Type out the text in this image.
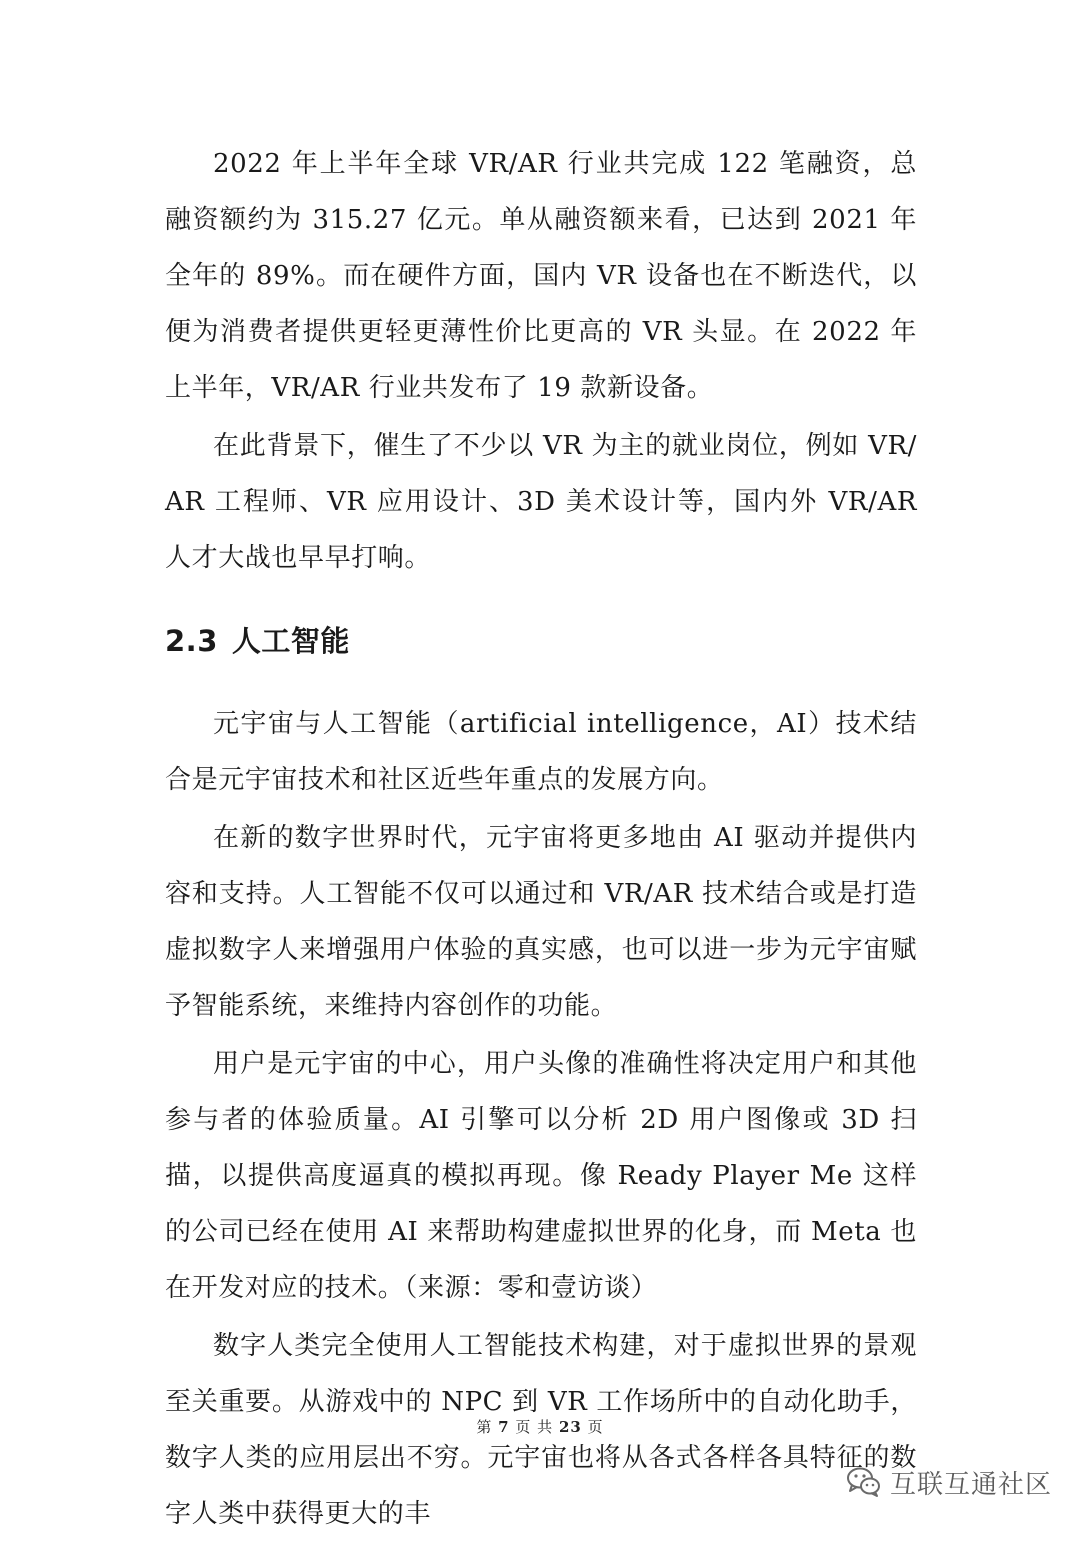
2022 年上半年全球 VR/AR 行业共完成 122 笔融资，总融资额约为 315.27 亿元。单从融资额来看，已达到 2021 年全年的 89%。而在硬件方面，国内 VR 设备也在不断迭代，以便为消费者提供更轻更薄性价比更高的 VR 头显。在 2022 年上半年，VR/AR 行业共发布了 19 款新设备。

在此背景下，催生了不少以 VR 为主的就业岗位，例如 VR/AR 工程师、VR 应用设计、3D 美术设计等，国内外 VR/AR 人才大战也早早打响。

2.3 人工智能

元宇宙与人工智能（artificial intelligence，AI）技术结合是元宇宙技术和社区近些年重点的发展方向。

在新的数字世界时代，元宇宙将更多地由 AI 驱动并提供内容和支持。人工智能不仅可以通过和 VR/AR 技术结合或是打造虚拟数字人来增强用户体验的真实感，也可以进一步为元宇宙赋予智能系统，来维持内容创作的功能。

用户是元宇宙的中心，用户头像的准确性将决定用户和其他参与者的体验质量。AI 引擎可以分析 2D 用户图像或 3D 扫描，以提供高度逼真的模拟再现。像 Ready Player Me 这样的公司已经在使用 AI 来帮助构建虚拟世界的化身，而 Meta 也在开发对应的技术。（来源：零和壹访谈）

数字人类完全使用人工智能技术构建，对于虚拟世界的景观至关重要。从游戏中的 NPC 到 VR 工作场所中的自动化助手，数字人类的应用层出不穷。元宇宙也将从各式各样各具特征的数字人类中获得更大的丰

第 7 页 共 23 页
互联互通社区
